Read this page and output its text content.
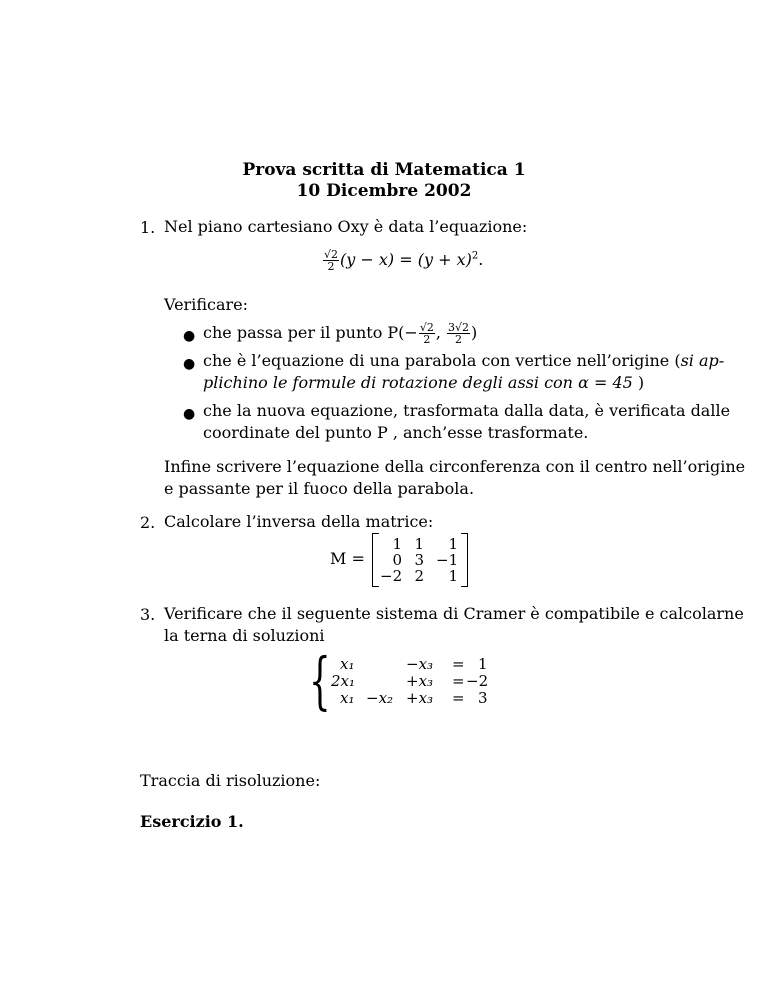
Prova scritta di Matematica 1
10 Dicembre 2002
1. Nel piano cartesiano Oxy è data l’equazione:
$\frac{√2}{2} (y - x) = (y + x)^2$.
Verificare:
● che passa per il punto $P(- \frac{√2}{2}$ , $\frac{3√2}{2}$ )
● che è l’equazione di una parabola con vertice nell’origine (si ap-
plichino le formule di rotazione degli assi con α = 45 )
● che la nuova equazione, trasformata dalla data, è verificata dalle
coordinate del punto P , anch’esse trasformate.
Infine scrivere l’equazione della circonferenza con il centro nell’origine
e passante per il fuoco della parabola.
2. Calcolare l’inversa della matrice:
M =
1 1	1
0 3 −1
−2 2	1
3. Verificare che il seguente sistema di Cramer è compatibile e calcolarne
la terna di soluzioni
{ x₁	−x₃ = 1
2x₁	+x₃ = −2
x₁ −x₂ +x₃ = 3
Traccia di risoluzione:
Esercizio 1.
